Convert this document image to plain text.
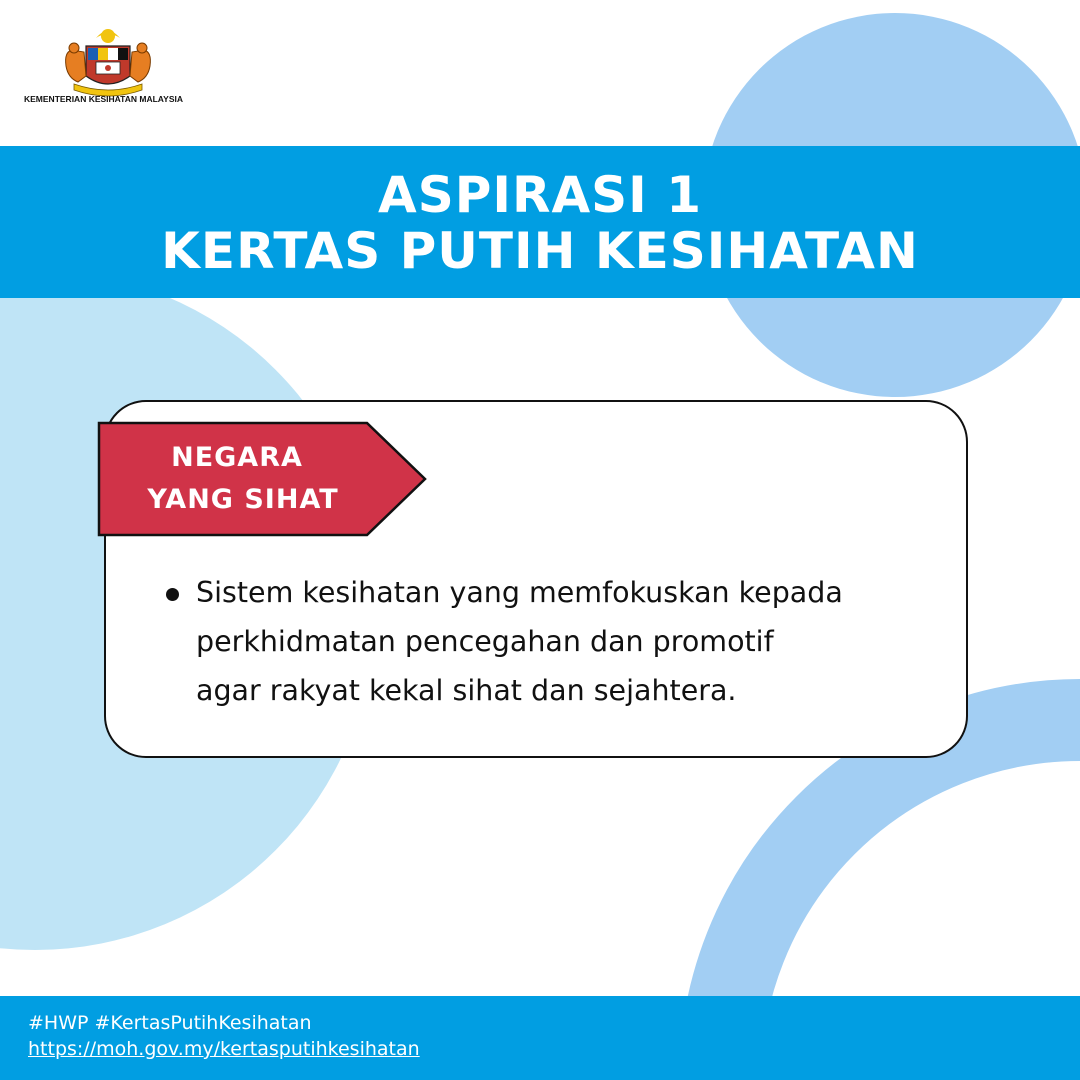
KEMENTERIAN KESIHATAN MALAYSIA
ASPIRASI 1
KERTAS PUTIH KESIHATAN
NEGARA
YANG SIHAT
Sistem kesihatan yang memfokuskan kepada
perkhidmatan pencegahan dan promotif
agar rakyat kekal sihat dan sejahtera.
#HWP #KertasPutihKesihatan
https://moh.gov.my/kertasputihkesihatan
